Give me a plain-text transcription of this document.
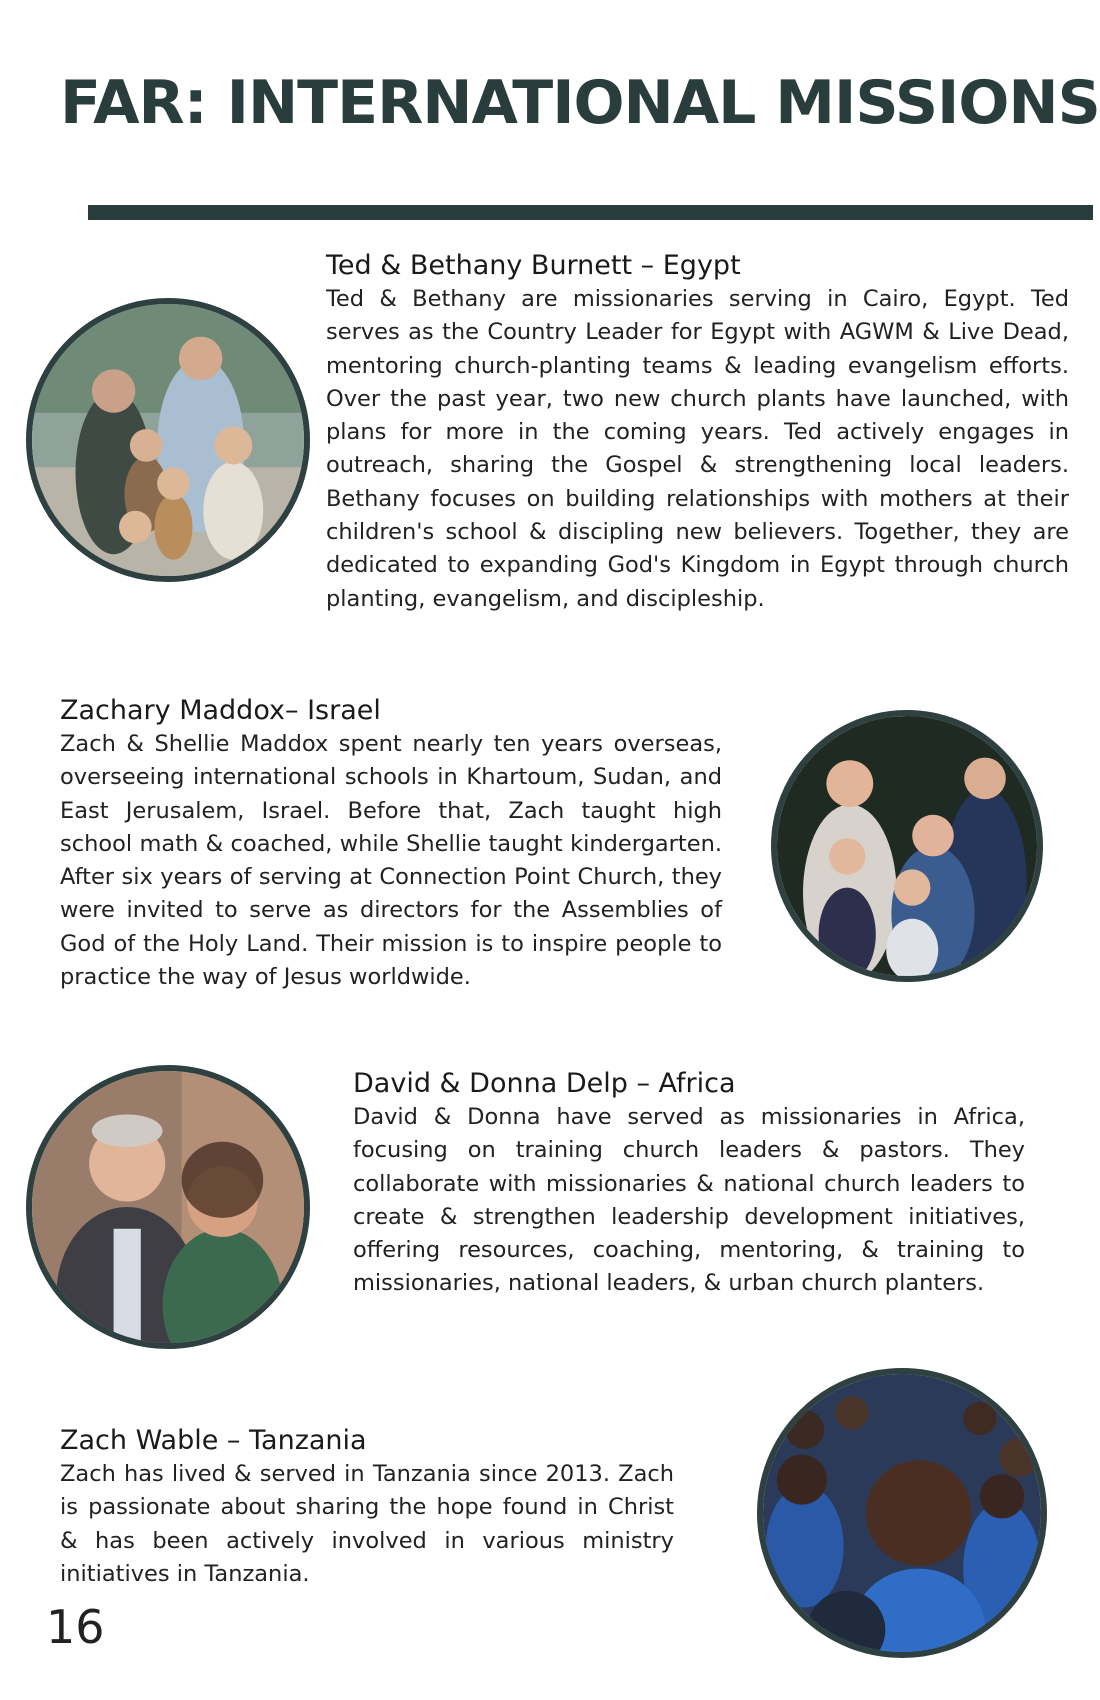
FAR: INTERNATIONAL MISSIONS
Ted & Bethany Burnett – Egypt

Ted & Bethany are missionaries serving in Cairo, Egypt. Ted serves as the Country Leader for Egypt with AGWM & Live Dead, mentoring church-planting teams & leading evangelism efforts. Over the past year, two new church plants have launched, with plans for more in the coming years. Ted actively engages in outreach, sharing the Gospel & strengthening local leaders. Bethany focuses on building relationships with mothers at their children's school & discipling new believers. Together, they are dedicated to expanding God's Kingdom in Egypt through church planting, evangelism, and discipleship.

Zachary Maddox– Israel

Zach & Shellie Maddox spent nearly ten years overseas, overseeing international schools in Khartoum, Sudan, and East Jerusalem, Israel. Before that, Zach taught high school math & coached, while Shellie taught kindergarten. After six years of serving at Connection Point Church, they were invited to serve as directors for the Assemblies of God of the Holy Land. Their mission is to inspire people to practice the way of Jesus worldwide.

David & Donna Delp – Africa

David & Donna have served as missionaries in Africa, focusing on training church leaders & pastors. They collaborate with missionaries & national church leaders to create & strengthen leadership development initiatives, offering resources, coaching, mentoring, & training to missionaries, national leaders, & urban church planters.

Zach Wable – Tanzania

Zach has lived & served in Tanzania since 2013. Zach is passionate about sharing the hope found in Christ & has been actively involved in various ministry initiatives in Tanzania.

16
